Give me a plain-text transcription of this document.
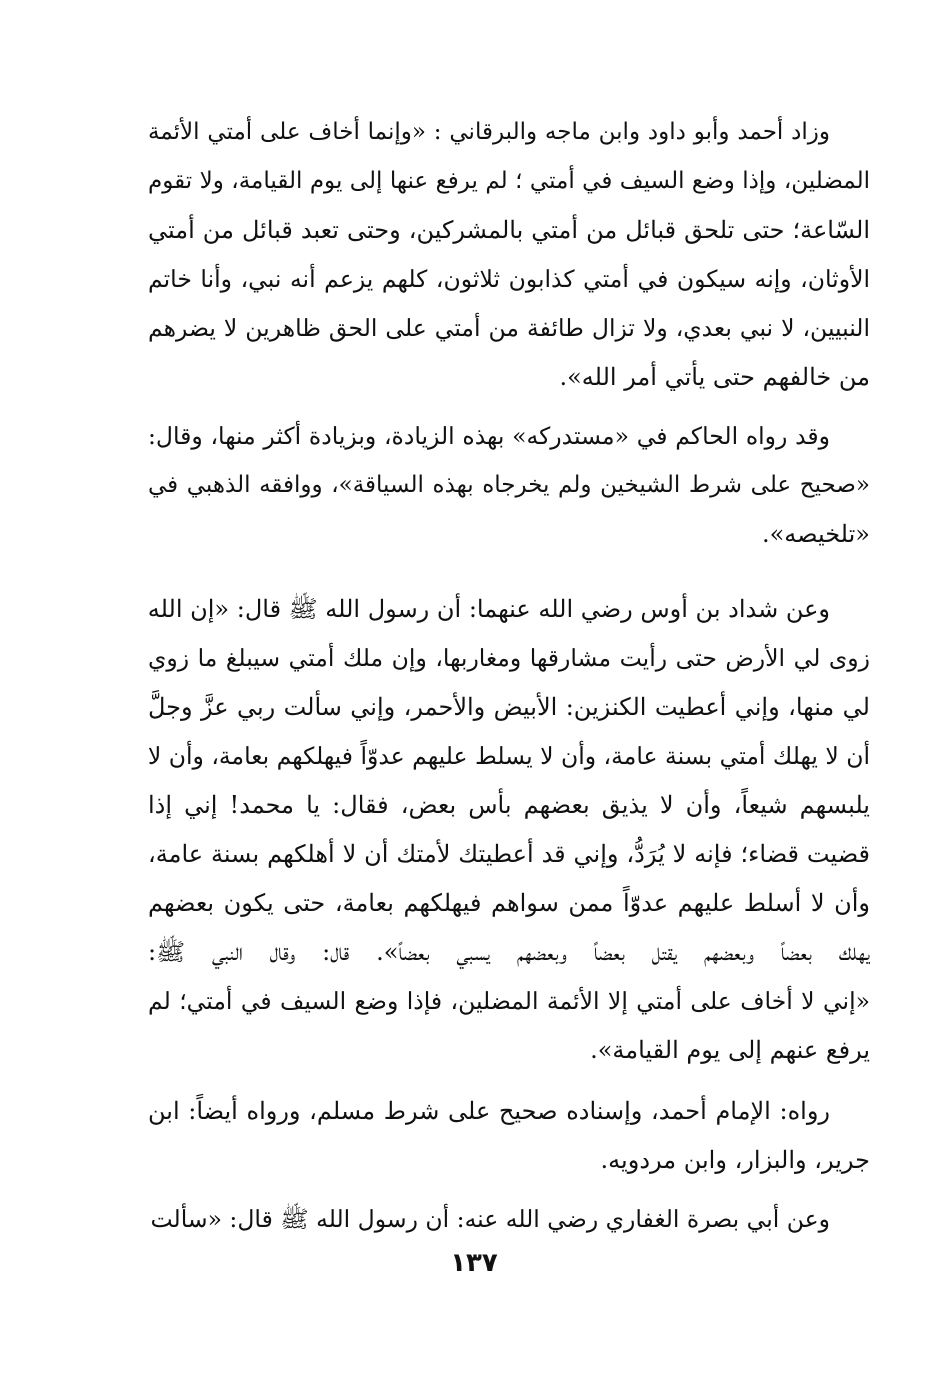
وزاد أحمد وأبو داود وابن ماجه والبرقاني : «وإنما أخاف على أمتي الأئمة
المضلين، وإذا وضع السيف في أمتي ؛ لم يرفع عنها إلى يوم القيامة، ولا تقوم
السّاعة؛ حتى تلحق قبائل من أمتي بالمشركين، وحتى تعبد قبائل من أمتي
الأوثان، وإنه سيكون في أمتي كذابون ثلاثون، كلهم يزعم أنه نبي، وأنا خاتم
النبيين، لا نبي بعدي، ولا تزال طائفة من أمتي على الحق ظاهرين لا يضرهم
من خالفهم حتى يأتي أمر الله».
وقد رواه الحاكم في «مستدركه» بهذه الزيادة، وبزيادة أكثر منها، وقال:
«صحيح على شرط الشيخين ولم يخرجاه بهذه السياقة»، ووافقه الذهبي في
«تلخيصه».
وعن شداد بن أوس رضي الله عنهما: أن رسول الله ﷺ قال: «إن الله
زوى لي الأرض حتى رأيت مشارقها ومغاربها، وإن ملك أمتي سيبلغ ما زوي
لي منها، وإني أعطيت الكنزين: الأبيض والأحمر، وإني سألت ربي عزَّ وجلَّ
أن لا يهلك أمتي بسنة عامة، وأن لا يسلط عليهم عدوّاً فيهلكهم بعامة، وأن لا
يلبسهم شيعاً، وأن لا يذيق بعضهم بأس بعض، فقال: يا محمد! إني إذا
قضيت قضاء؛ فإنه لا يُرَدُّ، وإني قد أعطيتك لأمتك أن لا أهلكهم بسنة عامة،
وأن لا أسلط عليهم عدوّاً ممن سواهم فيهلكهم بعامة، حتى يكون بعضهم
يهلك بعضاً وبعضهم يقتل بعضاً وبعضهم يسبي بعضاً». قال: وقال النبي ﷺ:
«إني لا أخاف على أمتي إلا الأئمة المضلين، فإذا وضع السيف في أمتي؛ لم
يرفع عنهم إلى يوم القيامة».
رواه: الإمام أحمد، وإسناده صحيح على شرط مسلم، ورواه أيضاً: ابن
جرير، والبزار، وابن مردويه.
وعن أبي بصرة الغفاري رضي الله عنه: أن رسول الله ﷺ قال: «سألت
١٣٧
